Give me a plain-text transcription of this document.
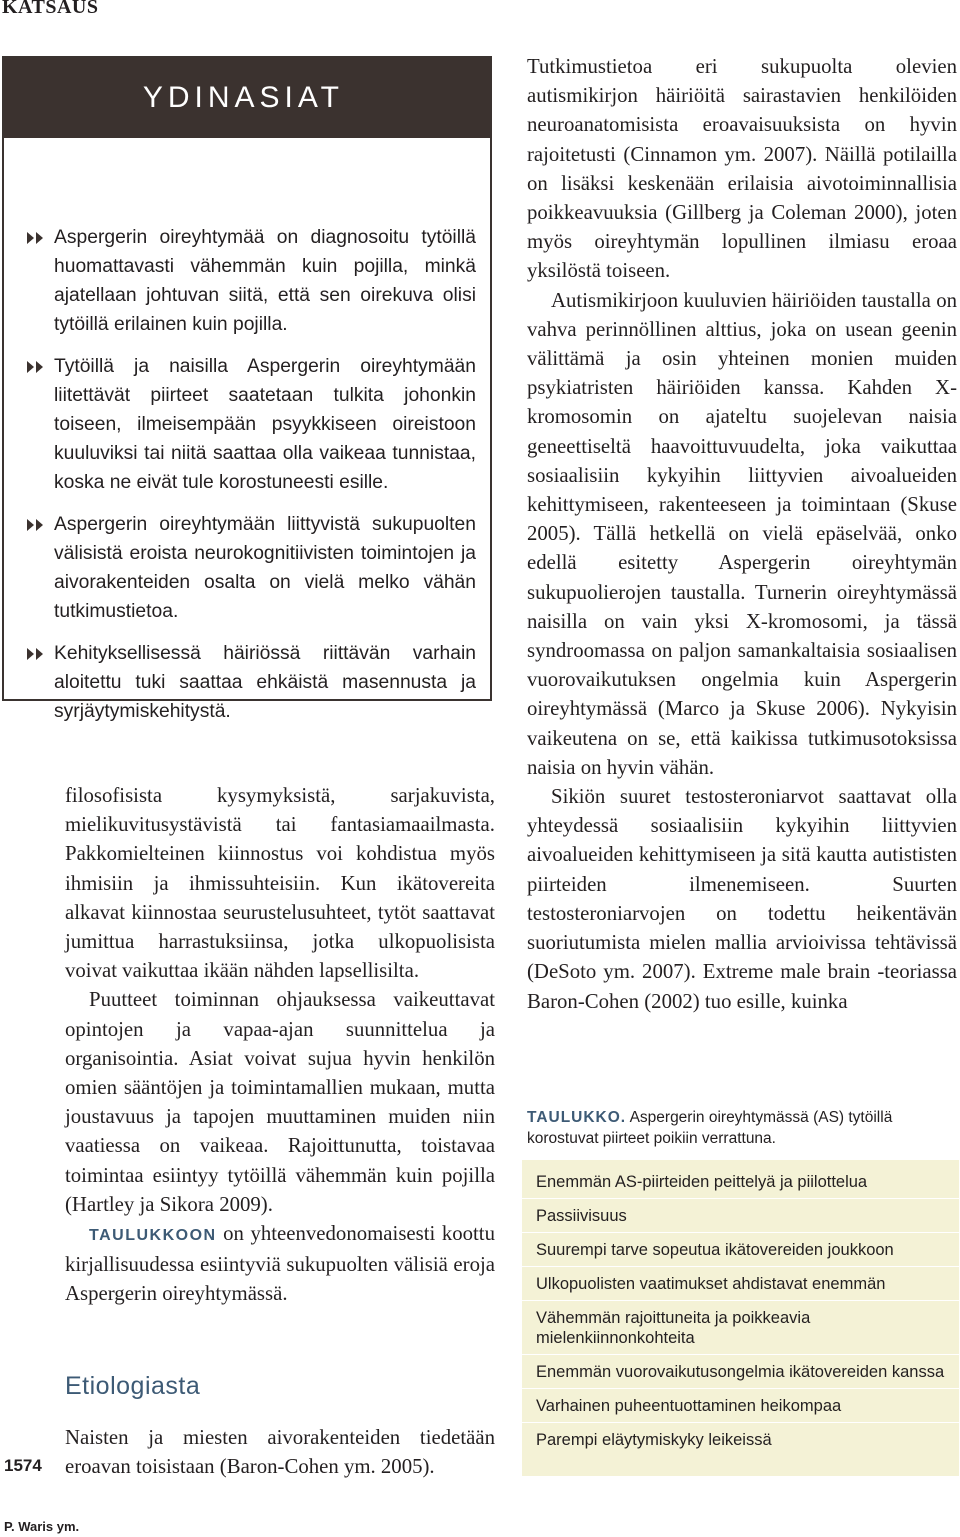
KATSAUS
YDINASIAT
Aspergerin oireyhtymää on diagnosoitu tytöillä huomattavasti vähemmän kuin pojilla, minkä ajatellaan johtuvan siitä, että sen oirekuva olisi tytöillä erilainen kuin pojilla.
Tytöillä ja naisilla Aspergerin oireyhtymään liitettävät piirteet saatetaan tulkita johonkin toiseen, ilmeisempään psyykkiseen oireistoon kuuluviksi tai niitä saattaa olla vaikeaa tunnistaa, koska ne eivät tule korostuneesti esille.
Aspergerin oireyhtymään liittyvistä sukupuolten välisistä eroista neurokognitiivisten toimintojen ja aivorakenteiden osalta on vielä melko vähän tutkimustietoa.
Kehityksellisessä häiriössä riittävän varhain aloitettu tuki saattaa ehkäistä masennusta ja syrjäytymiskehitystä.

filosofisista kysymyksistä, sarjakuvista, mielikuvitusystävistä tai fantasiamaailmasta. Pakkomielteinen kiinnostus voi kohdistua myös ihmisiin ja ihmissuhteisiin. Kun ikätovereita alkavat kiinnostaa seurustelusuhteet, tytöt saattavat jumittua harrastuksiinsa, jotka ulkopuolisista voivat vaikuttaa ikään nähden lapsellisilta.

Puutteet toiminnan ohjauksessa vaikeuttavat opintojen ja vapaa-ajan suunnittelua ja organisointia. Asiat voivat sujua hyvin henkilön omien sääntöjen ja toimintamallien mukaan, mutta joustavuus ja tapojen muuttaminen muiden niin vaatiessa on vaikeaa. Rajoittunutta, toistavaa toimintaa esiintyy tytöillä vähemmän kuin pojilla (Hartley ja Sikora 2009).

TAULUKKOON on yhteenvedonomaisesti koottu kirjallisuudessa esiintyviä sukupuolten välisiä eroja Aspergerin oireyhtymässä.

Etiologiasta
Naisten ja miesten aivorakenteiden tiedetään eroavan toisistaan (Baron-Cohen ym. 2005).

Tutkimustietoa eri sukupuolta olevien autismikirjon häiriöitä sairastavien henkilöiden neuroanatomisista eroavaisuuksista on hyvin rajoitetusti (Cinnamon ym. 2007). Näillä potilailla on lisäksi keskenään erilaisia aivotoiminnallisia poikkeavuuksia (Gillberg ja Coleman 2000), joten myös oireyhtymän lopullinen ilmiasu eroaa yksilöstä toiseen.

Autismikirjoon kuuluvien häiriöiden taustalla on vahva perinnöllinen alttius, joka on usean geenin välittämä ja osin yhteinen monien muiden psykiatristen häiriöiden kanssa. Kahden X-kromosomin on ajateltu suojelevan naisia geneettiseltä haavoittuvuudelta, joka vaikuttaa sosiaalisiin kykyihin liittyvien aivoalueiden kehittymiseen, rakenteeseen ja toimintaan (Skuse 2005). Tällä hetkellä on vielä epäselvää, onko edellä esitetty Aspergerin oireyhtymän sukupuolierojen taustalla. Turnerin oireyhtymässä naisilla on vain yksi X-kromosomi, ja tässä syndroomassa on paljon samankaltaisia sosiaalisen vuorovaikutuksen ongelmia kuin Aspergerin oireyhtymässä (Marco ja Skuse 2006). Nykyisin vaikeutena on se, että kaikissa tutkimusotoksissa naisia on hyvin vähän.

Sikiön suuret testosteroniarvot saattavat olla yhteydessä sosiaalisiin kykyihin liittyvien aivoalueiden kehittymiseen ja sitä kautta autististen piirteiden ilmenemiseen. Suurten testosteroniarvojen on todettu heikentävän suoriutumista mielen mallia arvioivissa tehtävissä (DeSoto ym. 2007). Extreme male brain -teoriassa Baron-Cohen (2002) tuo esille, kuinka

TAULUKKO. Aspergerin oireyhtymässä (AS) tytöillä korostuvat piirteet poikiin verrattuna.
Enemmän AS-piirteiden peittelyä ja piilottelua
Passiivisuus
Suurempi tarve sopeutua ikätovereiden joukkoon
Ulkopuolisten vaatimukset ahdistavat enemmän
Vähemmän rajoittuneita ja poikkeavia mielenkiinnonkohteita
Enemmän vuorovaikutusongelmia ikätovereiden kanssa
Varhainen puheentuottaminen heikompaa
Parempi eläytymiskyky leikeissä
1574
P. Waris ym.
